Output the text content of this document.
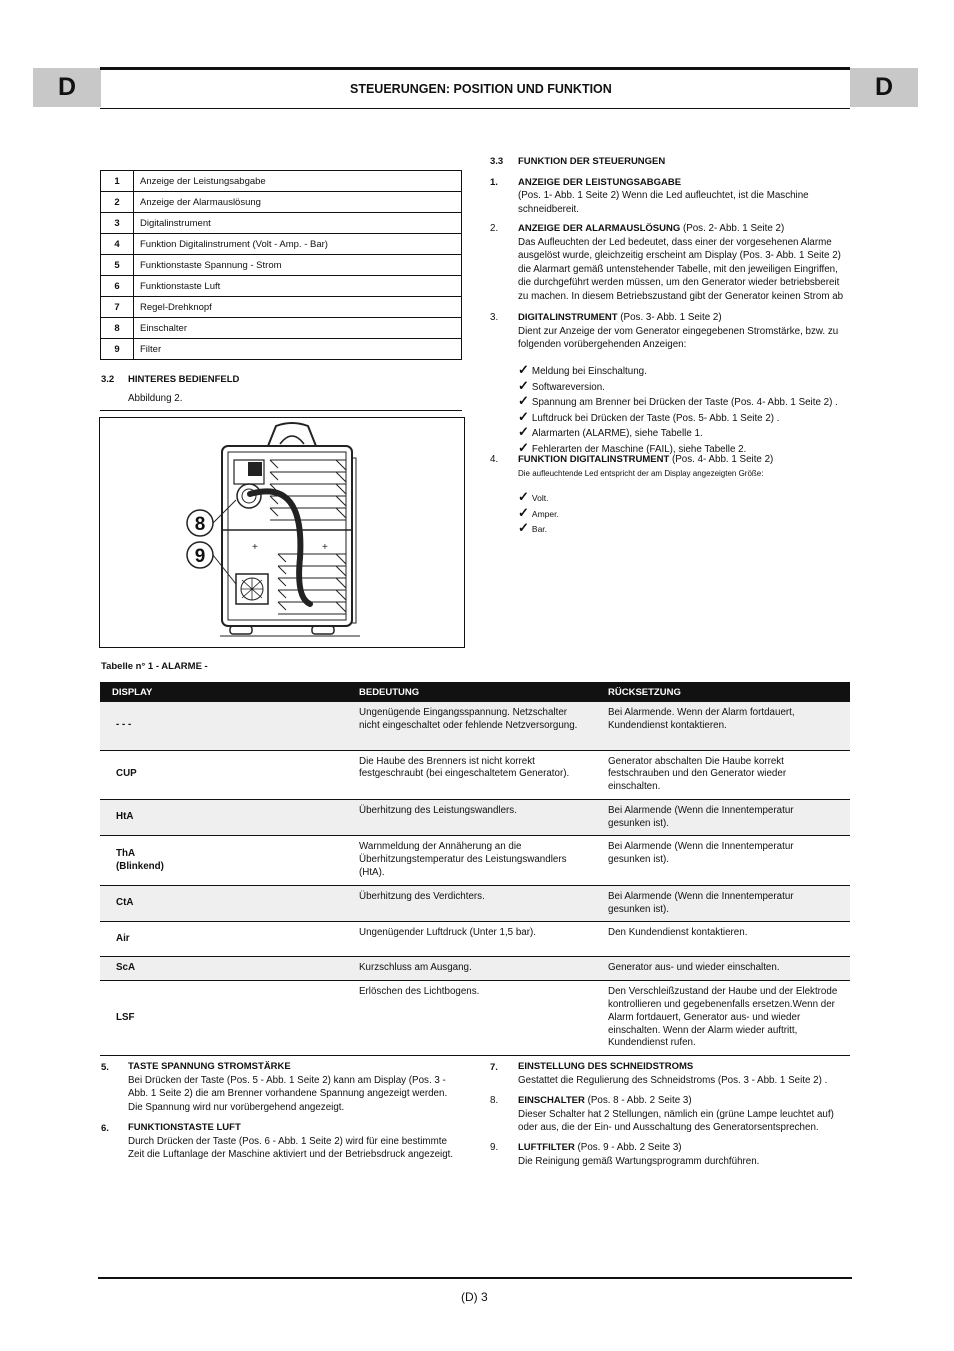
D	D
STEUERUNGEN: POSITION UND FUNKTION
1	Anzeige der Leistungsabgabe
2	Anzeige der Alarmauslösung
3	Digitalinstrument
4	Funktion Digitalinstrument (Volt - Amp. - Bar)
5	Funktionstaste Spannung - Strom
6	Funktionstaste Luft
7	Regel-Drehknopf
8	Einschalter
9	Filter
3.2 HINTERES BEDIENFELD
Abbildung 2.
+	+
8
9
3.3 FUNKTION DER STEUERUNGEN
1. ANZEIGE DER LEISTUNGSABGABE
(Pos. 1- Abb. 1 Seite 2) Wenn die Led aufleuchtet, ist die Maschine
schneidbereit.
2. ANZEIGE DER ALARMAUSLÖSUNG (Pos. 2- Abb. 1 Seite 2)
Das Aufleuchten der Led bedeutet, dass einer der vorgesehenen Alarme
ausgelöst wurde, gleichzeitig erscheint am Display (Pos. 3- Abb. 1 Seite 2)
die Alarmart gemäß untenstehender Tabelle, mit den jeweiligen Eingriffen,
die durchgeführt werden müssen, um den Generator wieder betriebsbereit
zu machen. In diesem Betriebszustand gibt der Generator keinen Strom ab
3. DIGITALINSTRUMENT (Pos. 3- Abb. 1 Seite 2)
Dient zur Anzeige der vom Generator eingegebenen Stromstärke, bzw. zu
folgenden vorübergehenden Anzeigen:
✓ Meldung bei Einschaltung.
✓ Softwareversion.
✓ Spannung am Brenner bei Drücken der Taste (Pos. 4- Abb. 1 Seite 2) .
✓ Luftdruck bei Drücken der Taste (Pos. 5- Abb. 1 Seite 2) .
✓ Alarmarten (ALARME), siehe Tabelle 1.
✓ Fehlerarten der Maschine (FAIL), siehe Tabelle 2.
4. FUNKTION DIGITALINSTRUMENT (Pos. 4- Abb. 1 Seite 2)
Die aufleuchtende Led entspricht der am Display angezeigten Größe:
✓ Volt.
✓ Amper.
✓ Bar.
Tabelle n° 1 - ALARME -
DISPLAY	BEDEUTUNG	RÜCKSETZUNG
- - -	Ungenügende Eingangsspannung. Netzschalter nicht eingeschaltet oder fehlende Netzversorgung.	Bei Alarmende. Wenn der Alarm fortdauert, Kundendienst kontaktieren.
CUP	Die Haube des Brenners ist nicht korrekt festgeschraubt (bei eingeschaltetem Generator).	Generator abschalten Die Haube korrekt festschrauben und den Generator wieder einschalten.
HtA	Überhitzung des Leistungswandlers.	Bei Alarmende (Wenn die Innentemperatur gesunken ist).

ThA
(Blinkend)	Warnmeldung der Annäherung an die Überhitzungstemperatur des Leistungswandlers (HtA).	Bei Alarmende (Wenn die Innentemperatur gesunken ist).
CtA	Überhitzung des Verdichters.	Bei Alarmende (Wenn die Innentemperatur gesunken ist).
Air	Ungenügender Luftdruck (Unter 1,5 bar).	Den Kundendienst kontaktieren.
ScA	Kurzschluss am Ausgang.	Generator aus- und wieder einschalten.
LSF	Erlöschen des Lichtbogens.	Den Verschleißzustand der Haube und der Elektrode kontrollieren und gegebenenfalls ersetzen.Wenn der Alarm fortdauert, Generator aus- und wieder einschalten. Wenn der Alarm wieder auftritt, Kundendienst rufen.
5. TASTE SPANNUNG STROMSTÄRKE
Bei Drücken der Taste (Pos. 5 - Abb. 1 Seite 2) kann am Display (Pos. 3 -
Abb. 1 Seite 2) die am Brenner vorhandene Spannung angezeigt werden.
Die Spannung wird nur vorübergehend angezeigt.
6. FUNKTIONSTASTE LUFT
Durch Drücken der Taste (Pos. 6 - Abb. 1 Seite 2) wird für eine bestimmte
Zeit die Luftanlage der Maschine aktiviert und der Betriebsdruck angezeigt.
7. EINSTELLUNG DES SCHNEIDSTROMS
Gestattet die Regulierung des Schneidstroms (Pos. 3 - Abb. 1 Seite 2) .
8. EINSCHALTER (Pos. 8 - Abb. 2 Seite 3)
Dieser Schalter hat 2 Stellungen, nämlich ein (grüne Lampe leuchtet auf)
oder aus, die der Ein- und Ausschaltung des Generatorsentsprechen.
9. LUFTFILTER (Pos. 9 - Abb. 2 Seite 3)
Die Reinigung gemäß Wartungsprogramm durchführen.
(D) 3
